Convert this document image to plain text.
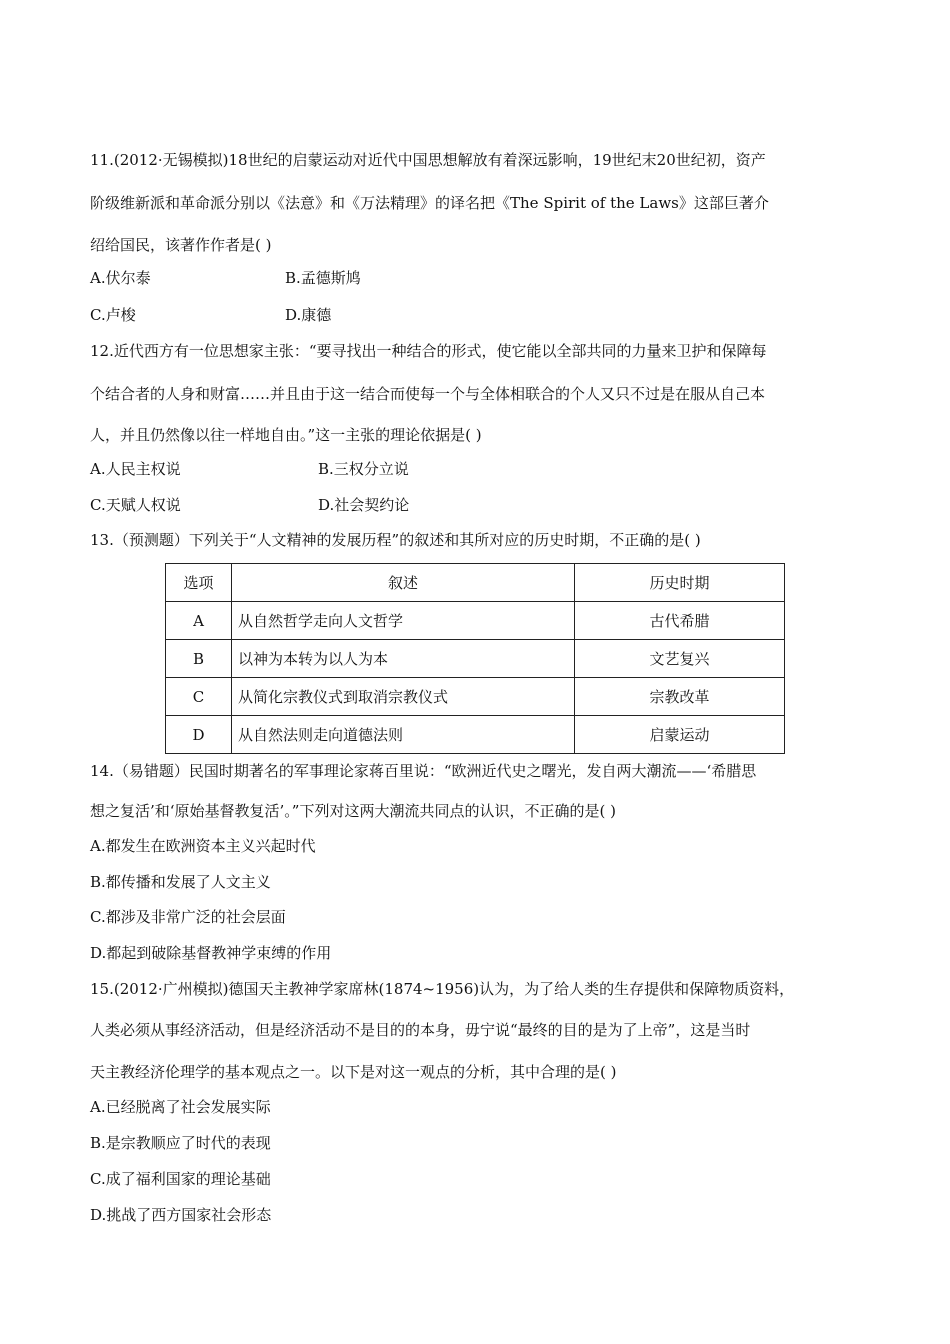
11.(2012·无锡模拟)18世纪的启蒙运动对近代中国思想解放有着深远影响，19世纪末20世纪初，资产
阶级维新派和革命派分别以《法意》和《万法精理》的译名把《The Spirit of the Laws》这部巨著介
绍给国民，该著作作者是( )
A.伏尔泰	B.孟德斯鸠
C.卢梭	D.康德
12.近代西方有一位思想家主张：“要寻找出一种结合的形式，使它能以全部共同的力量来卫护和保障每
个结合者的人身和财富……并且由于这一结合而使每一个与全体相联合的个人又只不过是在服从自己本
人，并且仍然像以往一样地自由。”这一主张的理论依据是( )
A.人民主权说	B.三权分立说
C.天赋人权说	D.社会契约论
13.（预测题）下列关于“人文精神的发展历程”的叙述和其所对应的历史时期，不正确的是( )
选项	叙述	历史时期
A	从自然哲学走向人文哲学	古代希腊
B	以神为本转为以人为本	文艺复兴
C	从简化宗教仪式到取消宗教仪式	宗教改革
D	从自然法则走向道德法则	启蒙运动
14.（易错题）民国时期著名的军事理论家蒋百里说：“欧洲近代史之曙光，发自两大潮流——‘希腊思
想之复活’和‘原始基督教复活’。”下列对这两大潮流共同点的认识，不正确的是( )
A.都发生在欧洲资本主义兴起时代
B.都传播和发展了人文主义
C.都涉及非常广泛的社会层面
D.都起到破除基督教神学束缚的作用
15.(2012·广州模拟)德国天主教神学家席林(1874~1956)认为，为了给人类的生存提供和保障物质资料，
人类必须从事经济活动，但是经济活动不是目的的本身，毋宁说“最终的目的是为了上帝”，这是当时
天主教经济伦理学的基本观点之一。以下是对这一观点的分析，其中合理的是( )
A.已经脱离了社会发展实际
B.是宗教顺应了时代的表现
C.成了福利国家的理论基础
D.挑战了西方国家社会形态
